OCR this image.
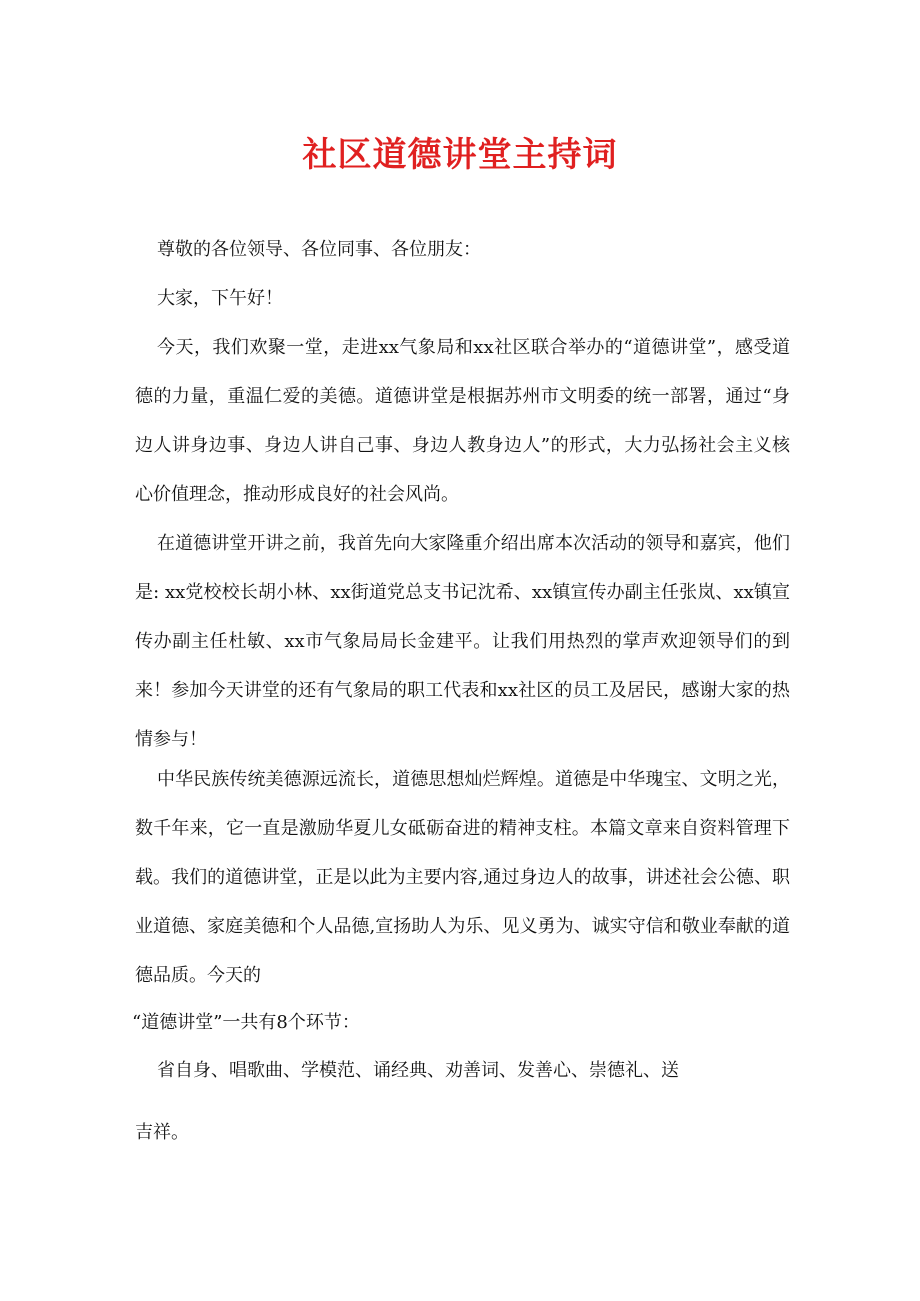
社区道德讲堂主持词

尊敬的各位领导、各位同事、各位朋友：

大家，下午好！

今天，我们欢聚一堂，走进xx气象局和xx社区联合举办的“道德讲堂”，感受道德的力量，重温仁爱的美德。道德讲堂是根据苏州市文明委的统一部署，通过“身边人讲身边事、身边人讲自己事、身边人教身边人”的形式，大力弘扬社会主义核心价值理念，推动形成良好的社会风尚。

在道德讲堂开讲之前，我首先向大家隆重介绍出席本次活动的领导和嘉宾，他们是: xx党校校长胡小林、xx街道党总支书记沈希、xx镇宣传办副主任张岚、xx镇宣传办副主任杜敏、xx市气象局局长金建平。让我们用热烈的掌声欢迎领导们的到来！参加今天讲堂的还有气象局的职工代表和xx社区的员工及居民，感谢大家的热情参与！

中华民族传统美德源远流长，道德思想灿烂辉煌。道德是中华瑰宝、文明之光，数千年来，它一直是激励华夏儿女砥砺奋进的精神支柱。本篇文章来自资料管理下载。我们的道德讲堂，正是以此为主要内容,通过身边人的故事，讲述社会公德、职业道德、家庭美德和个人品德,宣扬助人为乐、见义勇为、诚实守信和敬业奉献的道德品质。今天的

“道德讲堂”一共有8个环节：

省自身、唱歌曲、学模范、诵经典、劝善词、发善心、崇德礼、送

吉祥。
